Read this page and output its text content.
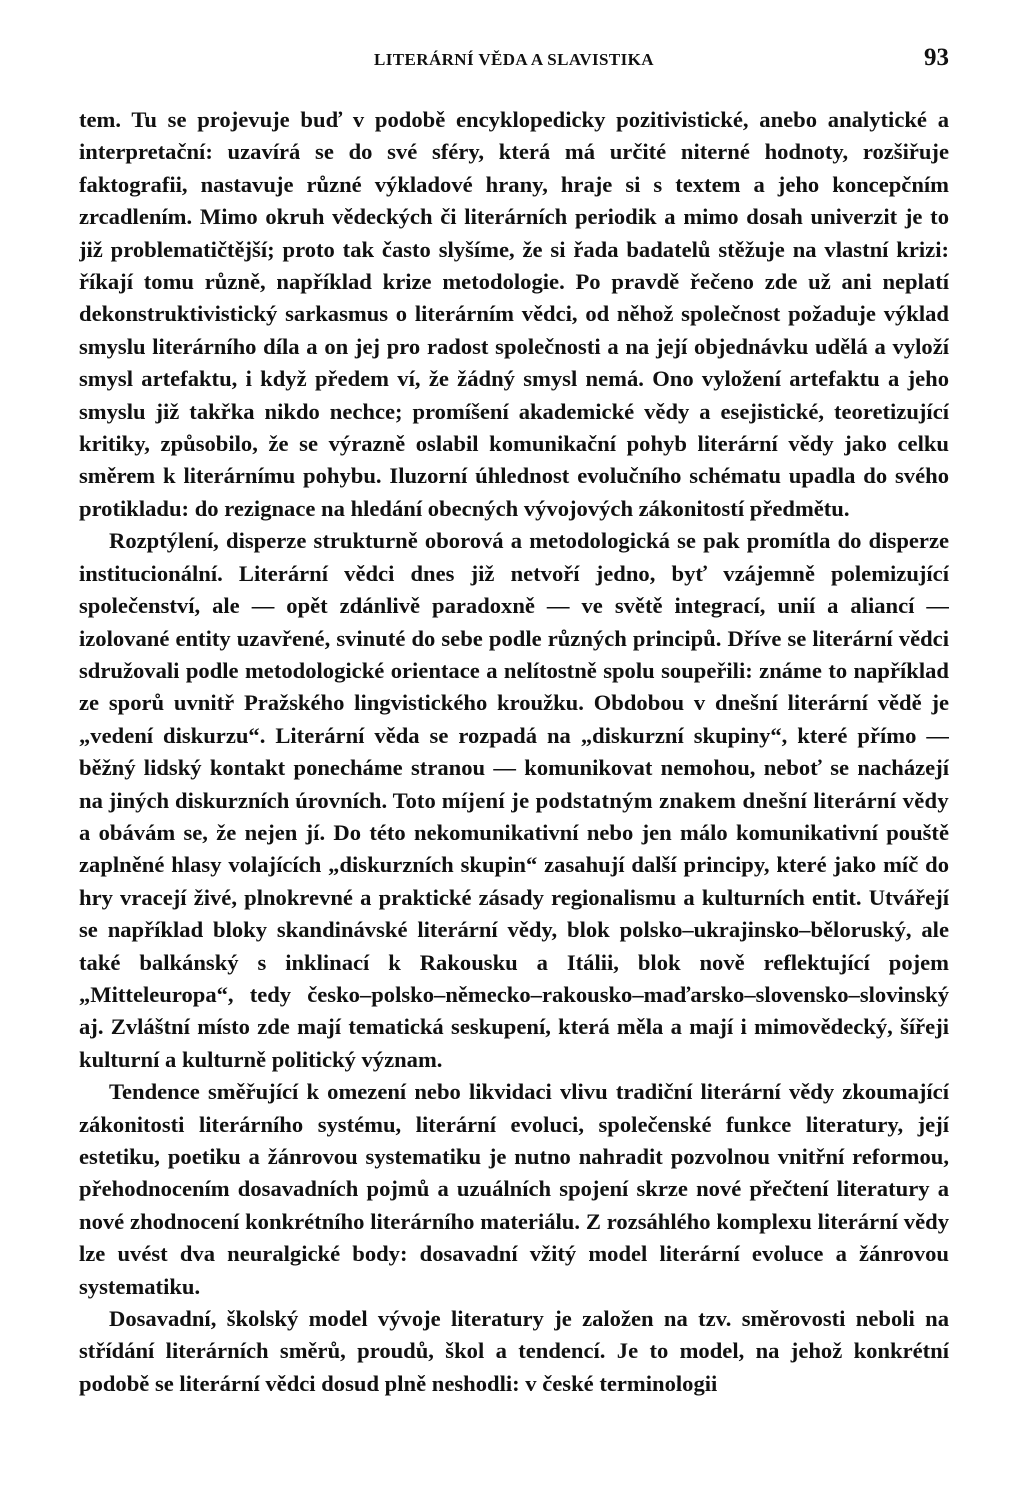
LITERÁRNÍ VĚDA A SLAVISTIKA	93

tem. Tu se projevuje buď v podobě encyklopedicky pozitivistické, anebo analytické a interpretační: uzavírá se do své sféry, která má určité niterné hodnoty, rozšiřuje faktografii, nastavuje různé výkladové hrany, hraje si s textem a jeho koncepčním zrcadlením. Mimo okruh vědeckých či literárních periodik a mimo dosah univerzit je to již problematičtější; proto tak často slyšíme, že si řada badatelů stěžuje na vlastní krizi: říkají tomu různě, například krize metodologie. Po pravdě řečeno zde už ani neplatí dekonstruktivistický sarkasmus o literárním vědci, od něhož společnost požaduje výklad smyslu literárního díla a on jej pro radost společnosti a na její objednávku udělá a vyloží smysl artefaktu, i když předem ví, že žádný smysl nemá. Ono vyložení artefaktu a jeho smyslu již takřka nikdo nechce; promíšení akademické vědy a esejistické, teoretizující kritiky, způsobilo, že se výrazně oslabil komunikační pohyb literární vědy jako celku směrem k literárnímu pohybu. Iluzorní úhlednost evolučního schématu upadla do svého protikladu: do rezignace na hledání obecných vývojových zákonitostí předmětu.

Rozptýlení, disperze strukturně oborová a metodologická se pak promítla do disperze institucionální. Literární vědci dnes již netvoří jedno, byť vzájemně polemizující společenství, ale — opět zdánlivě paradoxně — ve světě integrací, unií a aliancí — izolované entity uzavřené, svinuté do sebe podle různých principů. Dříve se literární vědci sdružovali podle metodologické orientace a nelítostně spolu soupeřili: známe to například ze sporů uvnitř Pražského lingvistického kroužku. Obdobou v dnešní literární vědě je „vedení diskurzu“. Literární věda se rozpadá na „diskurzní skupiny“, které přímo — běžný lidský kontakt ponecháme stranou — komunikovat nemohou, neboť se nacházejí na jiných diskurzních úrovních. Toto míjení je podstatným znakem dnešní literární vědy a obávám se, že nejen jí. Do této nekomunikativní nebo jen málo komunikativní pouště zaplněné hlasy volajících „diskurzních skupin“ zasahují další principy, které jako míč do hry vracejí živé, plnokrevné a praktické zásady regionalismu a kulturních entit. Utvářejí se například bloky skandinávské literární vědy, blok polsko–ukrajinsko–běloruský, ale také balkánský s inklinací k Rakousku a Itálii, blok nově reflektující pojem „Mitteleuropa“, tedy česko–polsko–německo–rakousko–maďarsko–slovensko–slovinský aj. Zvláštní místo zde mají tematická seskupení, která měla a mají i mimovědecký, šířeji kulturní a kulturně politický význam.

Tendence směřující k omezení nebo likvidaci vlivu tradiční literární vědy zkoumající zákonitosti literárního systému, literární evoluci, společenské funkce literatury, její estetiku, poetiku a žánrovou systematiku je nutno nahradit pozvolnou vnitřní reformou, přehodnocením dosavadních pojmů a uzuálních spojení skrze nové přečtení literatury a nové zhodnocení konkrétního literárního materiálu. Z rozsáhlého komplexu literární vědy lze uvést dva neuralgické body: dosavadní vžitý model literární evoluce a žánrovou systematiku.

Dosavadní, školský model vývoje literatury je založen na tzv. směrovosti neboli na střídání literárních směrů, proudů, škol a tendencí. Je to model, na jehož konkrétní podobě se literární vědci dosud plně neshodli: v české terminologii
